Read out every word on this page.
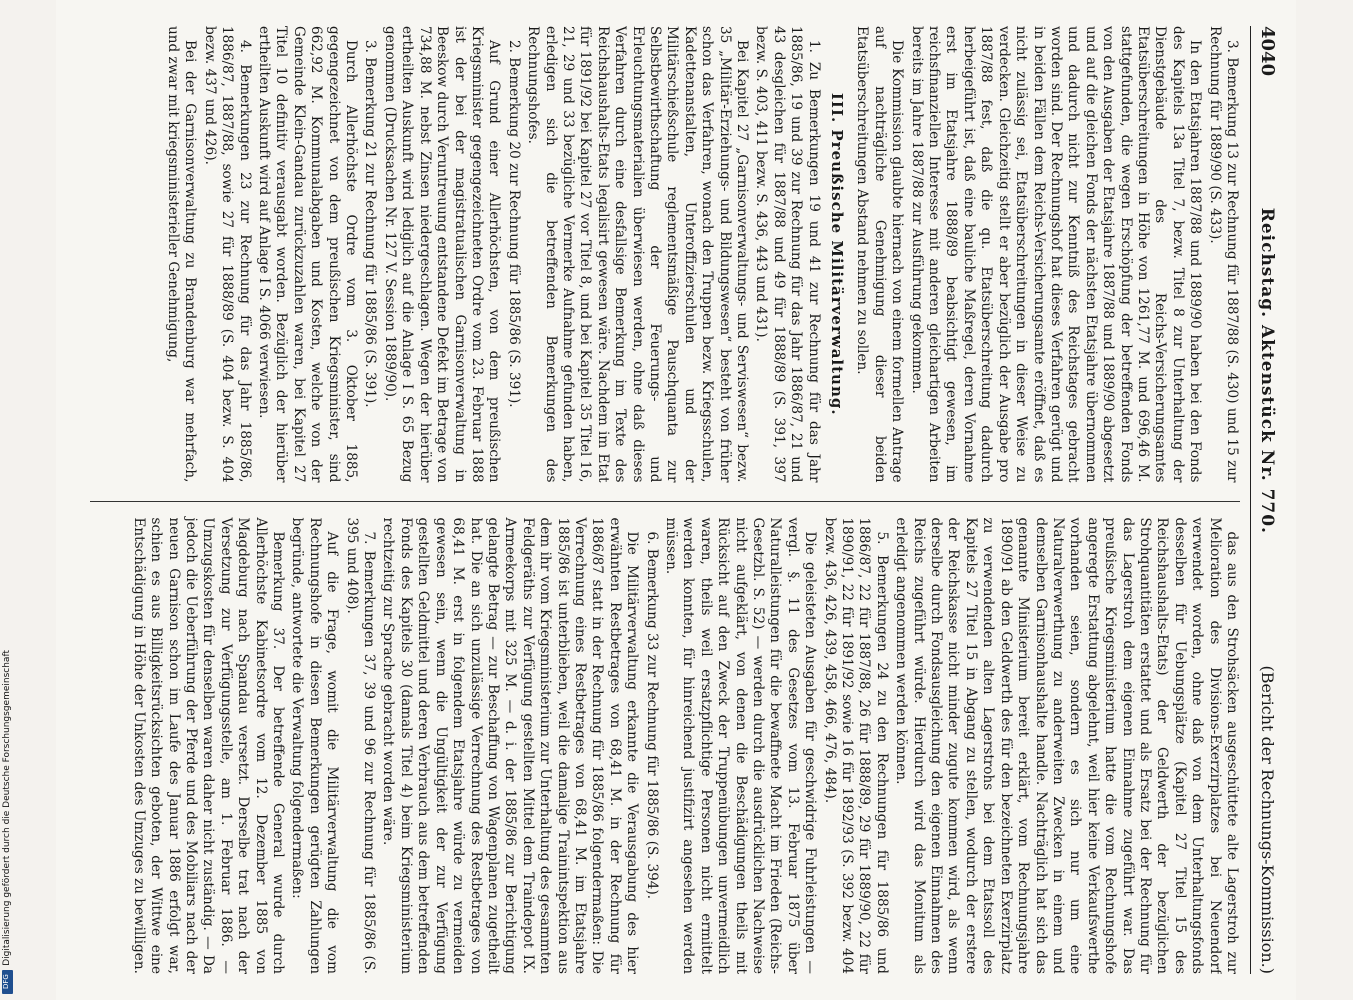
4040
Reichstag. Aktenstück Nr. 770.
(Bericht der Rechnungs-Kommission.)

3. Bemerkung 13 zur Rechnung für 1887/88 (S. 430) und 15 zur Rechnung für 1889/90 (S. 433).

In den Etatsjahren 1887/88 und 1889/90 haben bei den Fonds des Kapitels 13a Titel 7, bezw. Titel 8 zur Unterhaltung der Dienstgebäude des Reichs-Versicherungsamtes Etatsüberschreitungen in Höhe von 1261,77 M. und 696,46 M. stattgefunden, die wegen Erschöpfung der betreffenden Fonds von den Ausgaben der Etatsjahre 1887/88 und 1889/90 abgesetzt und auf die gleichen Fonds der nächsten Etatsjahre übernommen und dadurch nicht zur Kenntniß des Reichstages gebracht worden sind. Der Rechnungshof hat dieses Verfahren gerügt und in beiden Fällen dem Reichs-Versicherungsamte eröffnet, daß es nicht zulässig sei, Etatsüberschreitungen in dieser Weise zu verdecken. Gleichzeitig stellt er aber bezüglich der Ausgabe pro 1887/88 fest, daß die qu. Etatsüberschreitung dadurch herbeigeführt ist, daß eine bauliche Maßregel, deren Vornahme erst im Etatsjahre 1888/89 beabsichtigt gewesen, im reichsfinanziellen Interesse mit anderen gleichartigen Arbeiten bereits im Jahre 1887/88 zur Ausführung gekommen.

Die Kommission glaubte hiernach von einem formellen Antrage auf nachträgliche Genehmigung dieser beiden Etatsüberschreitungen Abstand nehmen zu sollen.

III. Preußische Militärverwaltung.

1. Zu Bemerkungen 19 und 41 zur Rechnung für das Jahr 1885/86, 19 und 39 zur Rechnung für das Jahr 1886/87, 21 und 43 desgleichen für 1887/88 und 49 für 1888/89 (S. 391, 397 bezw. S. 403, 411 bezw. S. 436, 443 und 431).

Bei Kapitel 27 „Garnisonverwaltungs- und Serviswesen“ bezw. 35 „Militär-Erziehungs- und Bildungswesen“ besteht von früher schon das Verfahren, wonach den Truppen bezw. Kriegsschulen, Kadettenanstalten, Unteroffizierschulen und der Militärschießschule reglementsmäßige Pauschquanta zur Selbstbewirthschaftung der Feuerungs- und Erleuchtungsmaterialien überwiesen werden, ohne daß dieses Verfahren durch eine desfallsige Bemerkung im Texte des Reichshaushalts-Etats legalisirt gewesen wäre. Nachdem im Etat für 1891/92 bei Kapitel 27 vor Titel 8, und bei Kapitel 35 Titel 16, 21, 29 und 33 bezügliche Vermerke Aufnahme gefunden haben, erledigen sich die betreffenden Bemerkungen des Rechnungshofes.

2. Bemerkung 20 zur Rechnung für 1885/86 (S. 391).

Auf Grund einer Allerhöchsten, von dem preußischen Kriegsminister gegengezeichneten Ordre vom 23. Februar 1888 ist der bei der magistratualischen Garnisonverwaltung in Beeskow durch Veruntreuung entstandene Defekt im Betrage von 734,88 M. nebst Zinsen niedergeschlagen. Wegen der hierüber ertheilten Auskunft wird lediglich auf die Anlage I S. 65 Bezug genommen (Drucksachen Nr. 127 V. Session 1889/90).

3. Bemerkung 21 zur Rechnung für 1885/86 (S. 391).

Durch Allerhöchste Ordre vom 3. Oktober 1885, gegengezeichnet von dem preußischen Kriegsminister, sind 662,92 M. Kommunalabgaben und Kosten, welche von der Gemeinde Klein-Gandau zurückzuzahlen waren, bei Kapitel 27 Titel 10 definitiv verausgabt worden. Bezüglich der hierüber ertheilten Auskunft wird auf Anlage I S. 4066 verwiesen.

4. Bemerkungen 23 zur Rechnung für das Jahr 1885/86, 1886/87, 1887/88, sowie 27 für 1888/89 (S. 404 bezw. S. 404 bezw. 437 und 426).

Bei der Garnisonverwaltung zu Brandenburg war mehrfach, und zwar mit kriegsministerieller Genehmigung,

das aus den Strohsäcken ausgeschüttete alte Lagerstroh zur Melioration des Divisions-Exerzirplatzes bei Neuendorf verwendet worden, ohne daß von dem Unterhaltungsfonds desselben für Uebungsplätze (Kapitel 27 Titel 15 des Reichshaushalts-Etats) der Geldwerth der bezüglichen Strohquantitäten erstattet und als Ersatz bei der Rechnung für das Lagerstroh dem eigenen Einnahme zugeführt war. Das preußische Kriegsministerium hatte die vom Rechnungshofe angeregte Erstattung abgelehnt, weil hier keine Verkaufswerthe vorhanden seien, sondern es sich nur um eine Naturalverwerthung zu anderweiten Zwecken in einem und demselben Garnisonhaushalte handle. Nachträglich hat sich das genannte Ministerium bereit erklärt, vom Rechnungsjahre 1890/91 ab den Geldwerth des für den bezeichneten Exerzirplatz zu verwendenden alten Lagerstrohs bei dem Etatssoll des Kapitels 27 Titel 15 in Abgang zu stellen, wodurch der erstere der Reichskasse nicht minder zugute kommen wird, als wenn derselbe durch Fondsausgleichung den eigenen Einnahmen des Reichs zugeführt würde. Hierdurch wird das Monitum als erledigt angenommen werden können.

5. Bemerkungen 24 zu den Rechnungen für 1885/86 und 1886/87, 22 für 1887/88, 26 für 1888/89, 29 für 1889/90, 22 für 1890/91, 22 für 1891/92 sowie 16 für 1892/93 (S. 392 bezw. 404 bezw. 436, 426, 439, 458, 466, 476, 484).

Die geleisteten Ausgaben für geschwidrige Fuhrleistungen — vergl. §. 11 des Gesetzes vom 13. Februar 1875 über Naturalleistungen für die bewaffnete Macht im Frieden (Reichs-Gesetzbl. S. 52) — werden durch die ausdrücklichen Nachweise nicht aufgeklärt, von denen die Beschädigungen theils mit Rücksicht auf den Zweck der Truppenübungen unvermeidlich waren, theils weil ersatzpflichtige Personen nicht ermittelt werden konnten, für hinreichend justifizirt angesehen werden müssen.

6. Bemerkung 33 zur Rechnung für 1885/86 (S. 394).

Die Militärverwaltung erkannte die Verausgabung des hier erwähnten Restbetrages von 68,41 M. in der Rechnung für 1886/87 statt in der Rechnung für 1885/86 folgendermaßen: Die Verrechnung eines Restbetrages von 68,41 M. im Etatsjahre 1885/86 ist unterblieben, weil die damalige Trainintspektion aus dem ihr vom Kriegsministerium zur Unterhaltung des gesammten Feldgeräths zur Verfügung gestellten Mittel dem Traindepot IX. Armeekorps mit 325 M. — d. i. der 1885/86 zur Berichtigung gelangte Betrag — zur Beschaffung von Wagenplanen zugetheilt hat. Die an sich unzulässige Verrechnung des Restbetrages von 68,41 M. erst in folgendem Etatsjahre würde zu vermeiden gewesen sein, wenn die Ungültigkeit der zur Verfügung gestellten Geldmittel und deren Verbrauch aus dem betreffenden Fonds des Kapitels 30 (damals Titel 4) beim Kriegsministerium rechtzeitig zur Sprache gebracht worden wäre.

7. Bemerkungen 37, 39 und 96 zur Rechnung für 1885/86 (S. 395 und 408).

Auf die Frage, womit die Militärverwaltung die vom Rechnungshofe in diesen Bemerkungen gerügten Zahlungen begründe, antwortete die Verwaltung folgendermaßen:

Bemerkung 37. Der betreffende General wurde durch Allerhöchste Kabinetsordre vom 12. Dezember 1885 von Magdeburg nach Spandau versetzt. Derselbe trat nach der Versetzung zur Verfügungsstelle, am 1. Februar 1886. — Umzugskosten für denselben waren daher nicht zuständig. — Da jedoch die Ueberführung der Pferde und des Mobiliars nach der neuen Garnison schon im Laufe des Januar 1886 erfolgt war, schien es aus Billigkeitsrücksichten geboten, der Wittwe eine Entschädigung in Höhe der Unkosten des Umzuges zu bewilligen.

Digitalisierung gefördert durch die Deutsche Forschungsgemeinschaft
DFG
